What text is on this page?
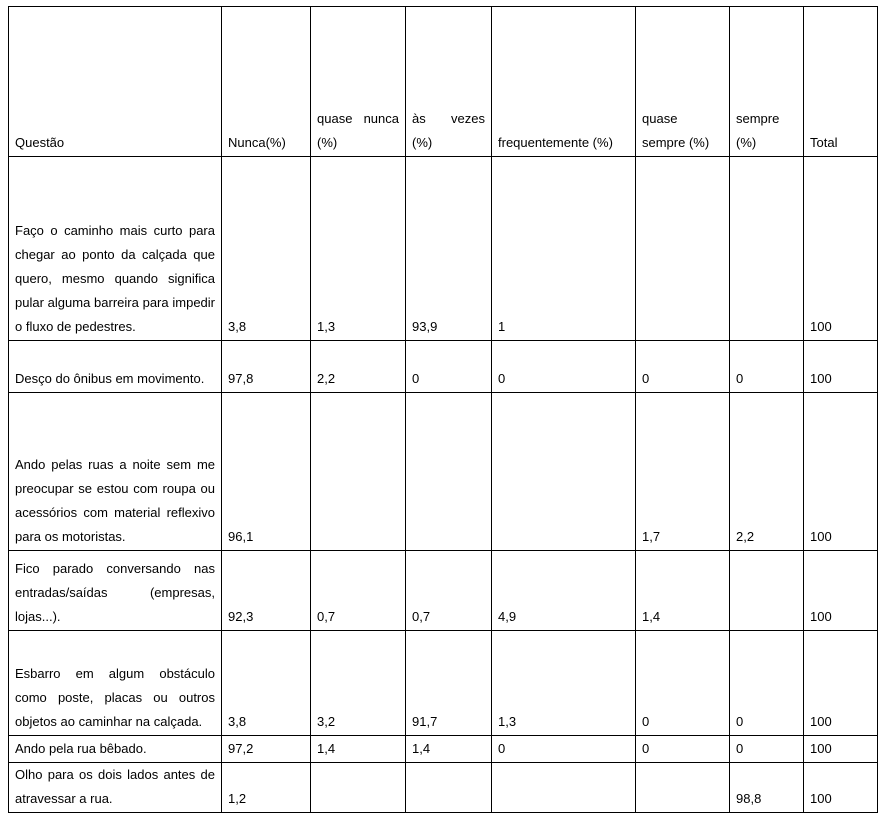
Questão	Nunca(%)	quase nunca (%)	às vezes (%)	frequentemente (%)	quase sempre (%)	sempre (%)	Total
Faço o caminho mais curto para chegar ao ponto da calçada que quero, mesmo quando significa pular alguma barreira para impedir o fluxo de pedestres.	3,8	1,3	93,9	1			100
Desço do ônibus em movimento.	97,8	2,2	0	0	0	0	100
Ando pelas ruas a noite sem me preocupar se estou com roupa ou acessórios com material reflexivo para os motoristas.	96,1				1,7	2,2	100
Fico parado conversando nas entradas/saídas (empresas, lojas...).	92,3	0,7	0,7	4,9	1,4		100
Esbarro em algum obstáculo como poste, placas ou outros objetos ao caminhar na calçada.	3,8	3,2	91,7	1,3	0	0	100
Ando pela rua bêbado.	97,2	1,4	1,4	0	0	0	100
Olho para os dois lados antes de atravessar a rua.	1,2					98,8	100
